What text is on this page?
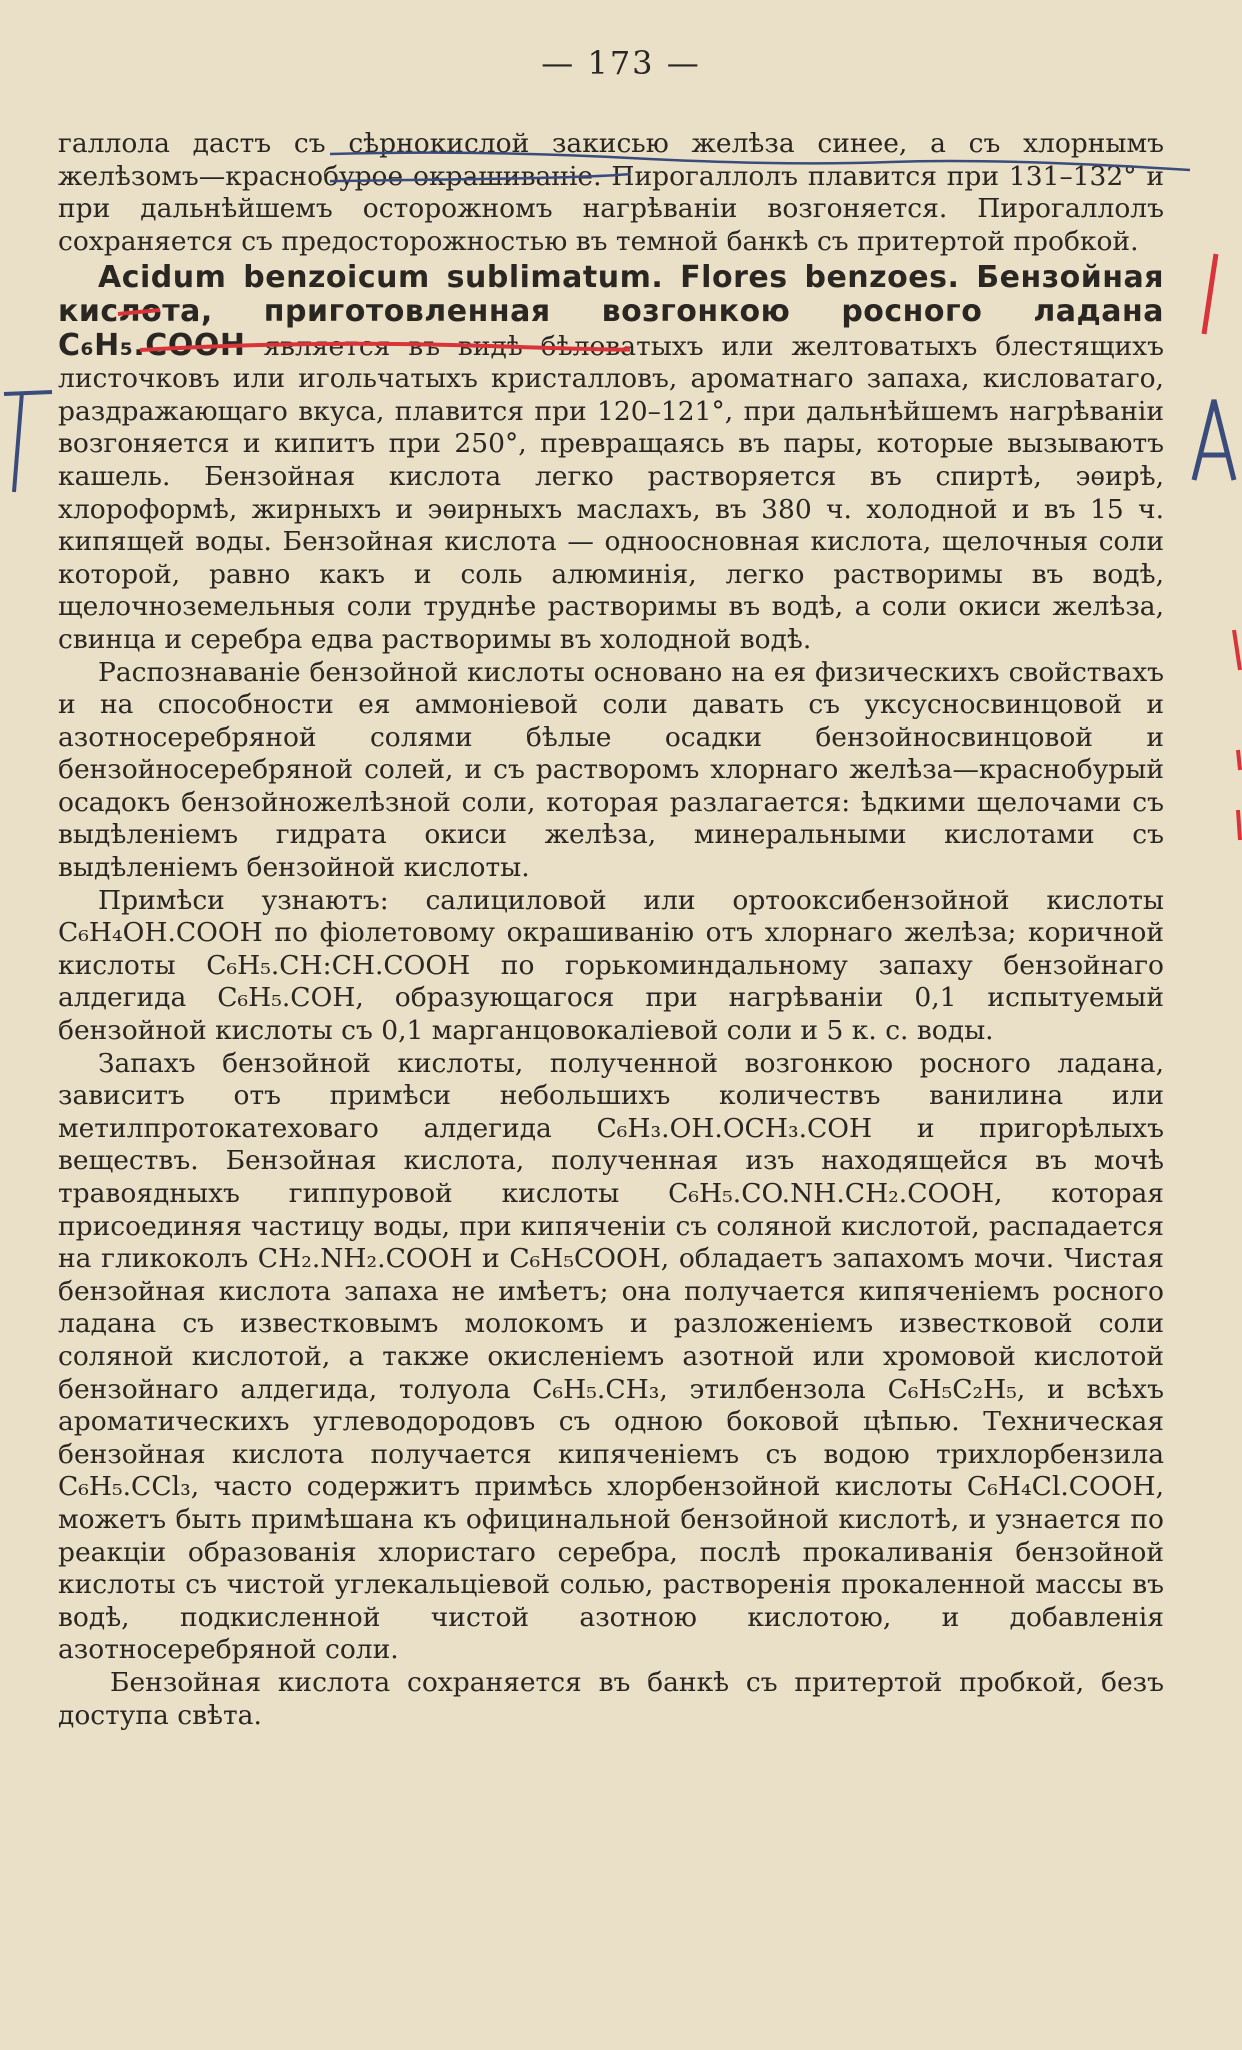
— 173 —

галлола дастъ съ сѣрнокислой закисью желѣза синее, а съ хлорнымъ желѣзомъ—краснобурое окрашиваніе. Пирогаллолъ плавится при 131–132° и при дальнѣйшемъ осторожномъ нагрѣваніи возгоняется. Пирогаллолъ сохраняется съ предосторожностью въ темной банкѣ съ притертой пробкой.

Acidum benzoicum sublimatum. Flores benzoes. Бензойная кислота, приготовленная возгонкою росного ладана C₆H₅.COOH является въ видѣ бѣловатыхъ или желтоватыхъ блестящихъ листочковъ или игольчатыхъ кристалловъ, ароматнаго запаха, кисловатаго, раздражающаго вкуса, плавится при 120–121°, при дальнѣйшемъ нагрѣваніи возгоняется и кипитъ при 250°, превращаясь въ пары, которые вызываютъ кашель. Бензойная кислота легко растворяется въ спиртѣ, эѳирѣ, хлороформѣ, жирныхъ и эѳирныхъ маслахъ, въ 380 ч. холодной и въ 15 ч. кипящей воды. Бензойная кислота — одноосновная кислота, щелочныя соли которой, равно какъ и соль алюминія, легко растворимы въ водѣ, щелочноземельныя соли труднѣе растворимы въ водѣ, а соли окиси желѣза, свинца и серебра едва растворимы въ холодной водѣ.

Распознаваніе бензойной кислоты основано на ея физическихъ свойствахъ и на способности ея аммоніевой соли давать съ уксусносвинцовой и азотносеребряной солями бѣлые осадки бензойносвинцовой и бензойносеребряной солей, и съ растворомъ хлорнаго желѣза—краснобурый осадокъ бензойножелѣзной соли, которая разлагается: ѣдкими щелочами съ выдѣленіемъ гидрата окиси желѣза, минеральными кислотами съ выдѣленіемъ бензойной кислоты.

Примѣси узнаютъ: салициловой или ортооксибензойной кислоты C₆H₄OH.COOH по фіолетовому окрашиванію отъ хлорнаго желѣза; коричной кислоты C₆H₅.CH:CH.COOH по горькоминдальному запаху бензойнаго алдегида C₆H₅.COH, образующагося при нагрѣваніи 0,1 испытуемый бензойной кислоты съ 0,1 марганцовокаліевой соли и 5 к. с. воды.

Запахъ бензойной кислоты, полученной возгонкою росного ладана, зависитъ отъ примѣси небольшихъ количествъ ванилина или метилпротокатеховаго алдегида C₆H₃.OH.OCH₃.COH и пригорѣлыхъ веществъ. Бензойная кислота, полученная изъ находящейся въ мочѣ травоядныхъ гиппуровой кислоты C₆H₅.CO.NH.CH₂.COOH, которая присоединяя частицу воды, при кипяченіи съ соляной кислотой, распадается на гликоколъ CH₂.NH₂.COOH и C₆H₅COOH, обладаетъ запахомъ мочи. Чистая бензойная кислота запаха не имѣетъ; она получается кипяченіемъ росного ладана съ известковымъ молокомъ и разложеніемъ известковой соли соляной кислотой, а также окисленіемъ азотной или хромовой кислотой бензойнаго алдегида, толуола C₆H₅.CH₃, этилбензола C₆H₅C₂H₅, и всѣхъ ароматическихъ углеводородовъ съ одною боковой цѣпью. Техническая бензойная кислота получается кипяченіемъ съ водою трихлорбензила C₆H₅.CCl₃, часто содержитъ примѣсь хлорбензойной кислоты C₆H₄Cl.COOH, можетъ быть примѣшана къ официнальной бензойной кислотѣ, и узнается по реакціи образованія хлористаго серебра, послѣ прокаливанія бензойной кислоты съ чистой углекальціевой солью, растворенія прокаленной массы въ водѣ, подкисленной чистой азотною кислотою, и добавленія азотносеребряной соли.

Бензойная кислота сохраняется въ банкѣ съ притертой пробкой, безъ доступа свѣта.
